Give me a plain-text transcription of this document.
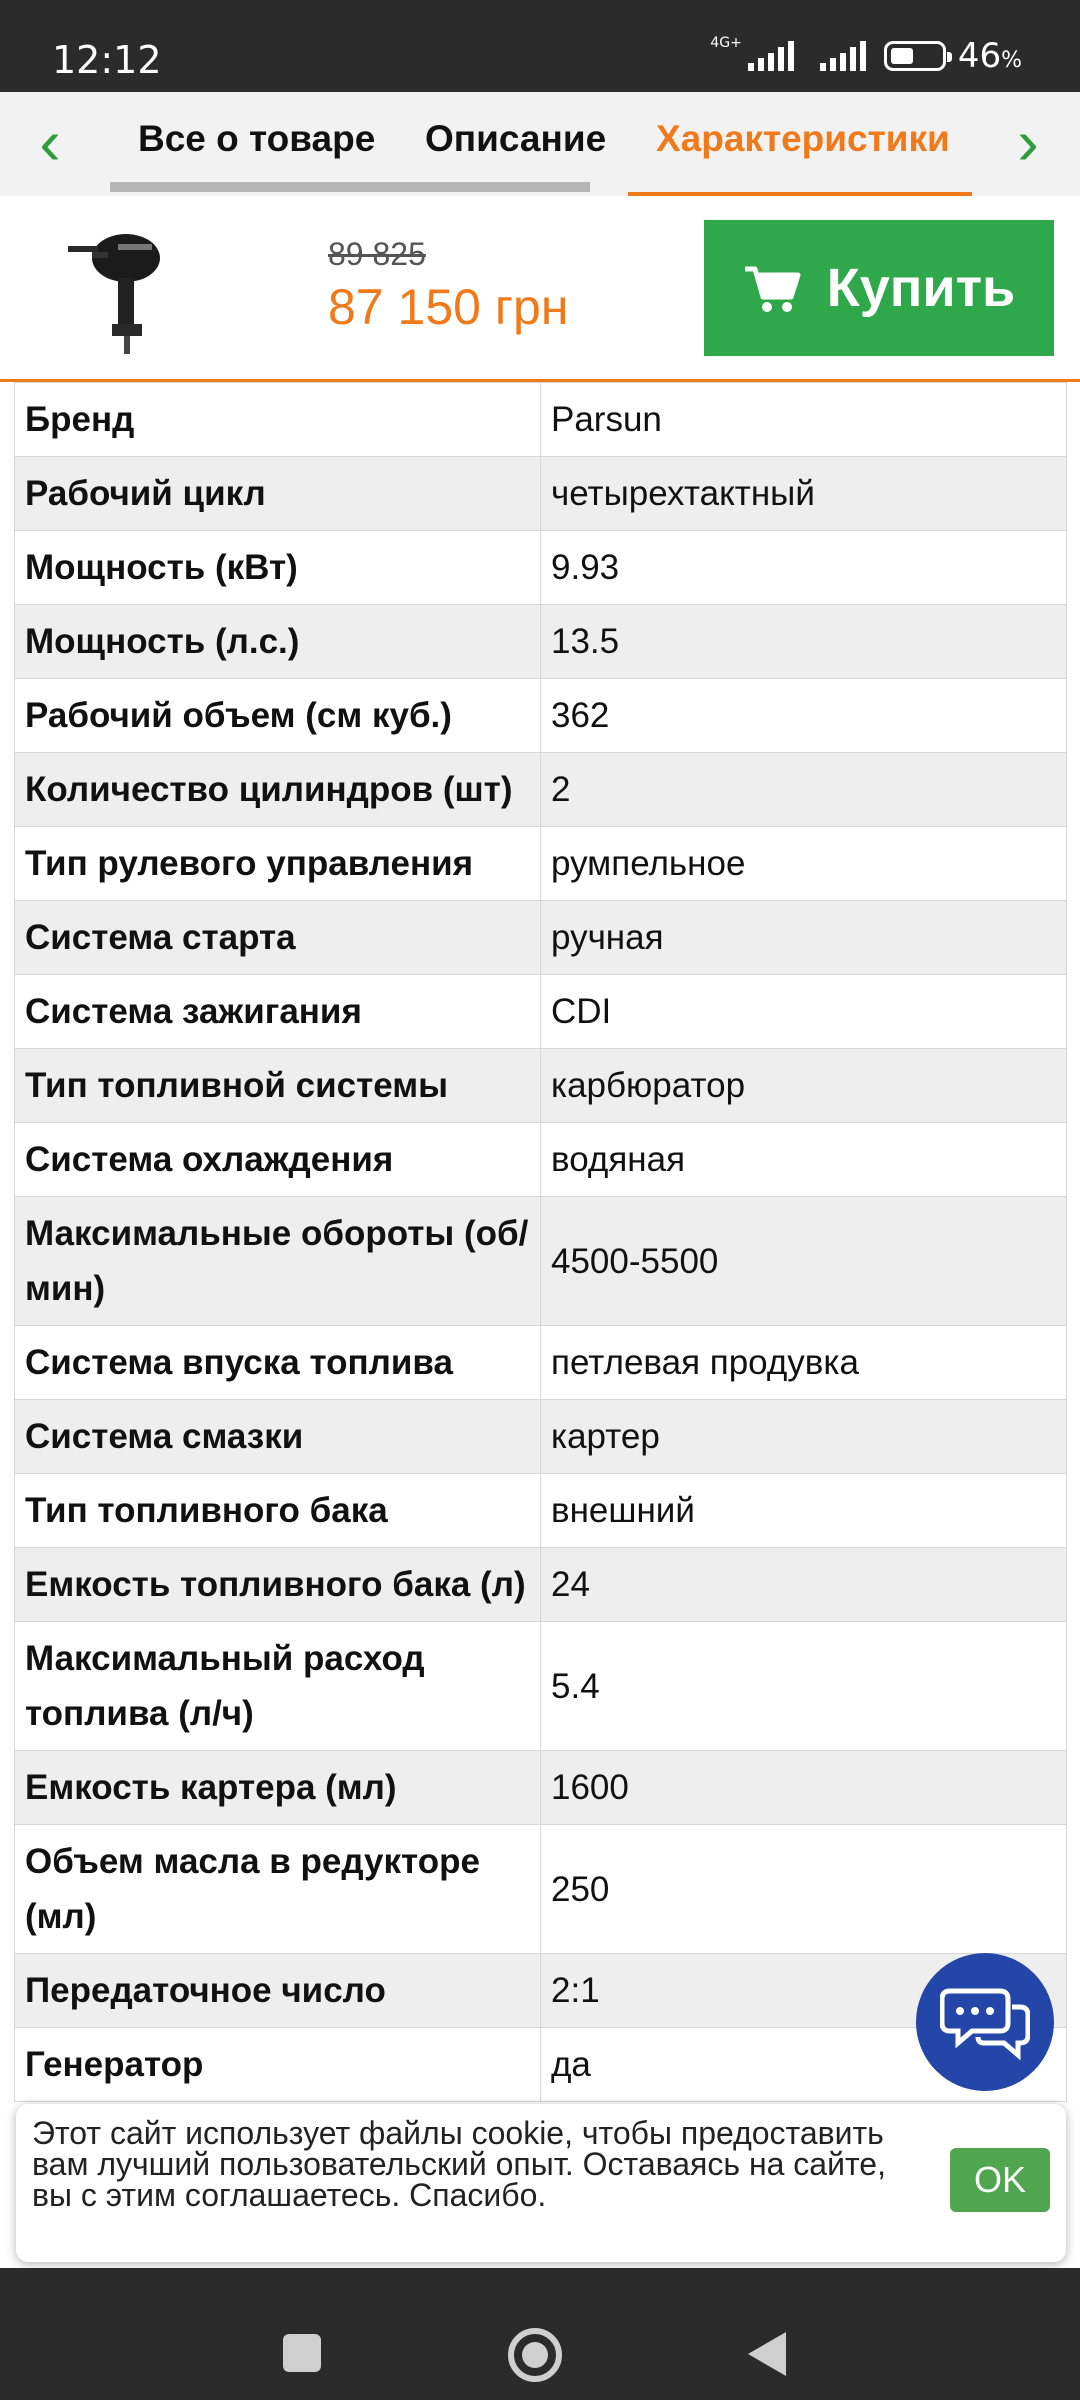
12:12	4G+	46%
‹	Все о товаре Описание Характеристики ›
89 825
87 150 грн	Купить
Бренд	Parsun
Рабочий цикл	четырехтактный
Мощность (кВт)	9.93
Мощность (л.с.)	13.5
Рабочий объем (см куб.)	362
Количество цилиндров (шт)	2
Тип рулевого управления	румпельное
Система старта	ручная
Система зажигания	CDI
Тип топливной системы	карбюратор
Система охлаждения	водяная
Максимальные обороты (об/мин)	4500-5500
Система впуска топлива	петлевая продувка
Система смазки	картер
Тип топливного бака	внешний
Емкость топливного бака (л)	24
Максимальный расход топлива (л/ч)	5.4
Емкость картера (мл)	1600
Объем масла в редукторе (мл)	250
Передаточное число	2:1
Генератор	да
Этот сайт использует файлы cookie, чтобы предоставить вам лучший пользовательский опыт. Оставаясь на сайте, вы с этим соглашаетесь. Спасибо.	OK
